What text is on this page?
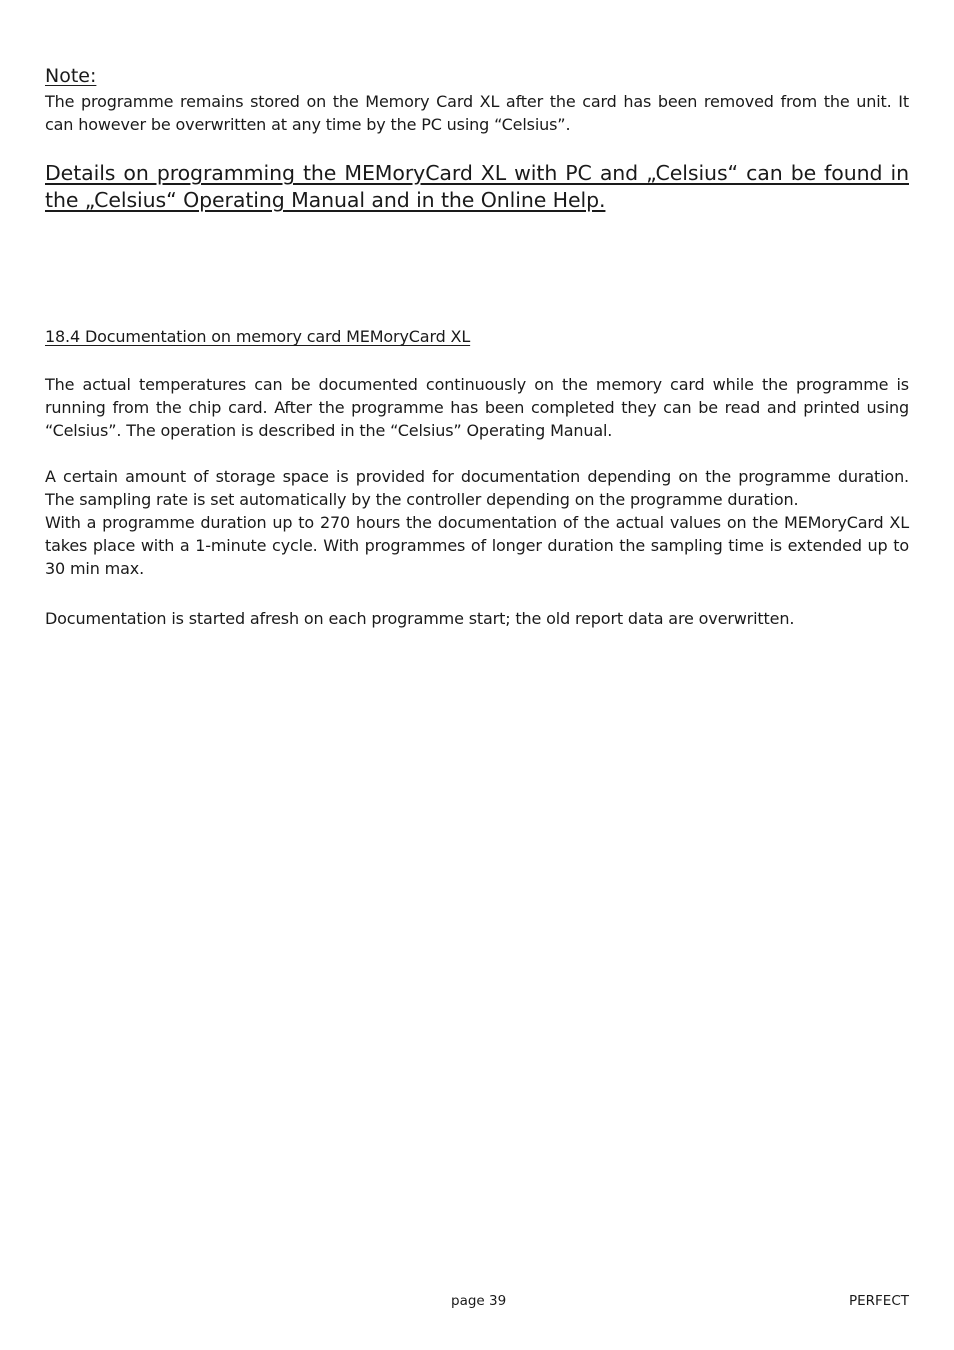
Note:

The programme remains stored on the Memory Card XL after the card has been removed from the unit. It can however be overwritten at any time by the PC using “Celsius”.

Details on programming the MEMoryCard XL with PC and „Celsius“ can be found in the „Celsius“ Operating Manual and in the Online Help.

18.4 Documentation on memory card MEMoryCard XL

The actual temperatures can be documented continuously on the memory card while the programme is running from the chip card. After the programme has been completed they can be read and printed using “Celsius”. The operation is described in the “Celsius” Operating Manual.

A certain amount of storage space is provided for documentation depending on the programme duration. The sampling rate is set automatically by the controller depending on the programme duration.

With a programme duration up to 270 hours the documentation of the actual values on the MEMoryCard XL takes place with a 1-minute cycle. With programmes of longer duration the sampling time is extended up to 30 min max.

Documentation is started afresh on each programme start; the old report data are overwritten.

page 39	PERFECT
